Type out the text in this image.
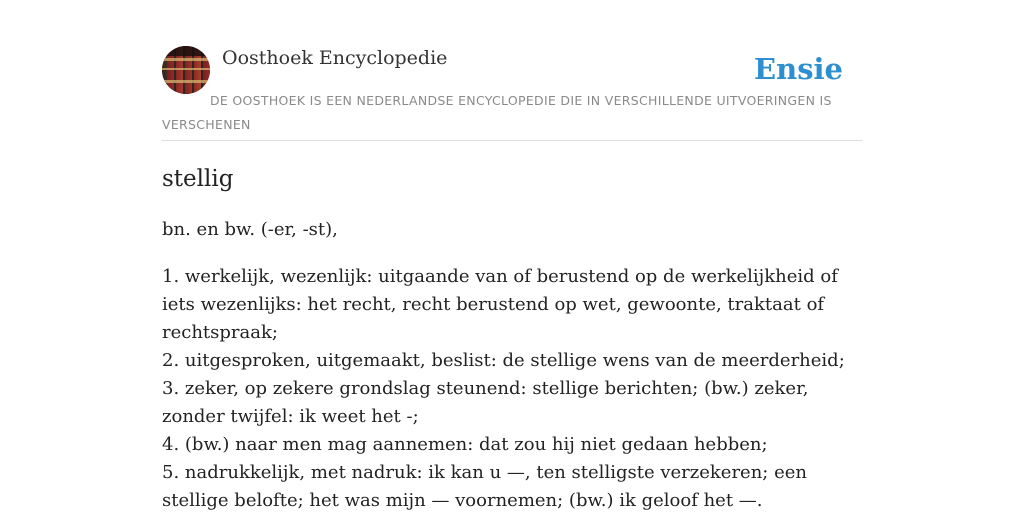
Oosthoek Encyclopedie	Ensie
DE OOSTHOEK IS EEN NEDERLANDSE ENCYCLOPEDIE DIE IN VERSCHILLENDE UITVOERINGEN IS VERSCHENEN
stellig
bn. en bw. (-er, -st),
1. werkelijk, wezenlijk: uitgaande van of berustend op de werkelijkheid of iets wezenlijks: het recht, recht berustend op wet, gewoonte, traktaat of rechtspraak;
2. uitgesproken, uitgemaakt, beslist: de stellige wens van de meerderheid;
3. zeker, op zekere grondslag steunend: stellige berichten; (bw.) zeker, zonder twijfel: ik weet het -;
4. (bw.) naar men mag aannemen: dat zou hij niet gedaan hebben;
5. nadrukkelijk, met nadruk: ik kan u —, ten stelligste verzekeren; een stellige belofte; het was mijn — voornemen; (bw.) ik geloof het —.
